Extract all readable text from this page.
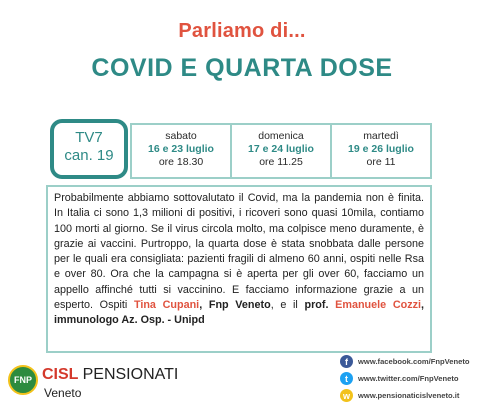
Parliamo di...
COVID E QUARTA DOSE
TV7
can. 19
sabato
16 e 23 luglio
ore 18.30
domenica
17 e 24 luglio
ore 11.25
martedì
19 e 26 luglio
ore 11
Probabilmente abbiamo sottovalutato il Covid, ma la pandemia non è finita. In Italia ci sono 1,3 milioni di positivi, i ricoveri sono quasi 10mila, contiamo 100 morti al giorno. Se il virus circola molto, ma colpisce meno duramente, è grazie ai vaccini. Purtroppo, la quarta dose è stata snobbata dalle persone per le quali era consigliata: pazienti fragili di almeno 60 anni, ospiti nelle Rsa e over 80. Ora che la campagna si è aperta per gli over 60, facciamo un appello affinché tutti si vaccinino. E facciamo informazione grazie a un esperto. Ospiti Tina Cupani, Fnp Veneto, e il prof. Emanuele Cozzi, immunologo Az. Osp. - Unipd
FNP CISL PENSIONATI
Veneto
f	www.facebook.com/FnpVeneto
t	www.twitter.com/FnpVeneto
w	www.pensionaticislveneto.it
